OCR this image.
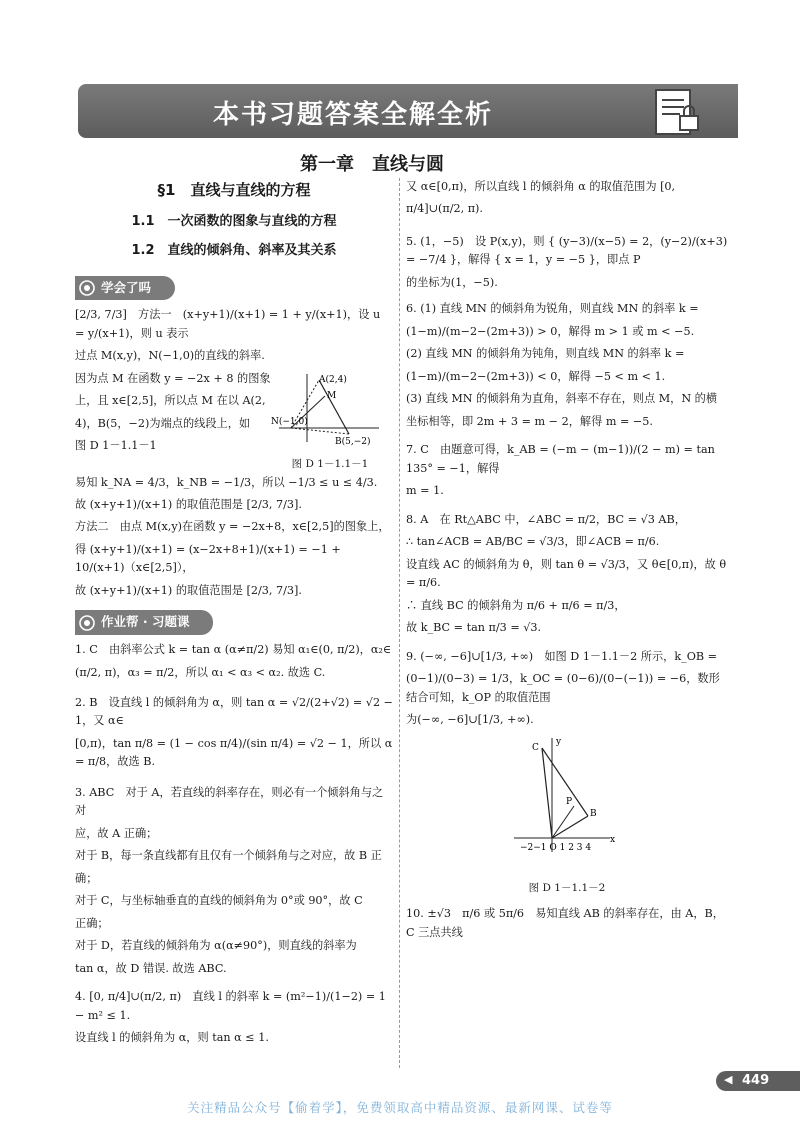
本书习题答案全解全析
第一章　直线与圆
§1　直线与直线的方程
1.1　一次函数的图象与直线的方程
1.2　直线的倾斜角、斜率及其关系
学会了吗

[2/3, 7/3]　方法一　(x+y+1)/(x+1) = 1 + y/(x+1)，设 u = y/(x+1)，则 u 表示

过点 M(x,y)，N(−1,0)的直线的斜率.

因为点 M 在函数 y = −2x + 8 的图象

上，且 x∈[2,5]，所以点 M 在以 A(2,

4)，B(5，−2)为端点的线段上，如

图 D 1－1.1－1

A(2,4)
M
N(−1,0)
B(5,−2)
图 D 1－1.1－1

易知 k_NA = 4/3，k_NB = −1/3，所以 −1/3 ≤ u ≤ 4/3.

故 (x+y+1)/(x+1) 的取值范围是 [2/3, 7/3].

方法二　由点 M(x,y)在函数 y = −2x+8，x∈[2,5]的图象上，

得 (x+y+1)/(x+1) = (x−2x+8+1)/(x+1) = −1 + 10/(x+1)（x∈[2,5]），

故 (x+y+1)/(x+1) 的取值范围是 [2/3, 7/3].

作业帮 · 习题课

1. C　由斜率公式 k = tan α (α≠π/2) 易知 α₁∈(0, π/2)，α₂∈

(π/2, π)，α₃ = π/2，所以 α₁ < α₃ < α₂. 故选 C.

2. B　设直线 l 的倾斜角为 α，则 tan α = √2/(2+√2) = √2 − 1，又 α∈

[0,π)，tan π/8 = (1 − cos π/4)/(sin π/4) = √2 − 1，所以 α = π/8，故选 B.

3. ABC　对于 A，若直线的斜率存在，则必有一个倾斜角与之对

应，故 A 正确；

对于 B，每一条直线都有且仅有一个倾斜角与之对应，故 B 正

确；

对于 C，与坐标轴垂直的直线的倾斜角为 0°或 90°，故 C

正确；

对于 D，若直线的倾斜角为 α(α≠90°)，则直线的斜率为

tan α，故 D 错误. 故选 ABC.

4. [0, π/4]∪(π/2, π)　直线 l 的斜率 k = (m²−1)/(1−2) = 1 − m² ≤ 1.

设直线 l 的倾斜角为 α，则 tan α ≤ 1.

又 α∈[0,π)，所以直线 l 的倾斜角 α 的取值范围为 [0,

π/4]∪(π/2, π).

5. (1，−5)　设 P(x,y)，则 { (y−3)/(x−5) = 2，(y−2)/(x+3) = −7/4 }，解得 { x = 1，y = −5 }，即点 P

的坐标为(1，−5).

6. (1) 直线 MN 的倾斜角为锐角，则直线 MN 的斜率 k =

(1−m)/(m−2−(2m+3)) > 0，解得 m > 1 或 m < −5.

(2) 直线 MN 的倾斜角为钝角，则直线 MN 的斜率 k =

(1−m)/(m−2−(2m+3)) < 0，解得 −5 < m < 1.

(3) 直线 MN 的倾斜角为直角，斜率不存在，则点 M，N 的横

坐标相等，即 2m + 3 = m − 2，解得 m = −5.

7. C　由题意可得，k_AB = (−m − (m−1))/(2 − m) = tan 135° = −1，解得

m = 1.

8. A　在 Rt△ABC 中，∠ABC = π/2，BC = √3 AB，

∴ tan∠ACB = AB/BC = √3/3，即∠ACB = π/6.

设直线 AC 的倾斜角为 θ，则 tan θ = √3/3，又 θ∈[0,π)，故 θ = π/6.

∴ 直线 BC 的倾斜角为 π/6 + π/6 = π/3，

故 k_BC = tan π/3 = √3.

9. (−∞, −6]∪[1/3, +∞)　如图 D 1－1.1－2 所示，k_OB =

(0−1)/(0−3) = 1/3，k_OC = (0−6)/(0−(−1)) = −6，数形结合可知，k_OP 的取值范围

为(−∞, −6]∪[1/3, +∞).

C
P
B
x
y
−2−1 O 1 2 3 4
图 D 1－1.1－2

10. ±√3　π/6 或 5π/6　易知直线 AB 的斜率存在，由 A，B，C 三点共线

◀ 449
关注精品公众号【偷着学】，免费领取高中精品资源、最新网课、试卷等
